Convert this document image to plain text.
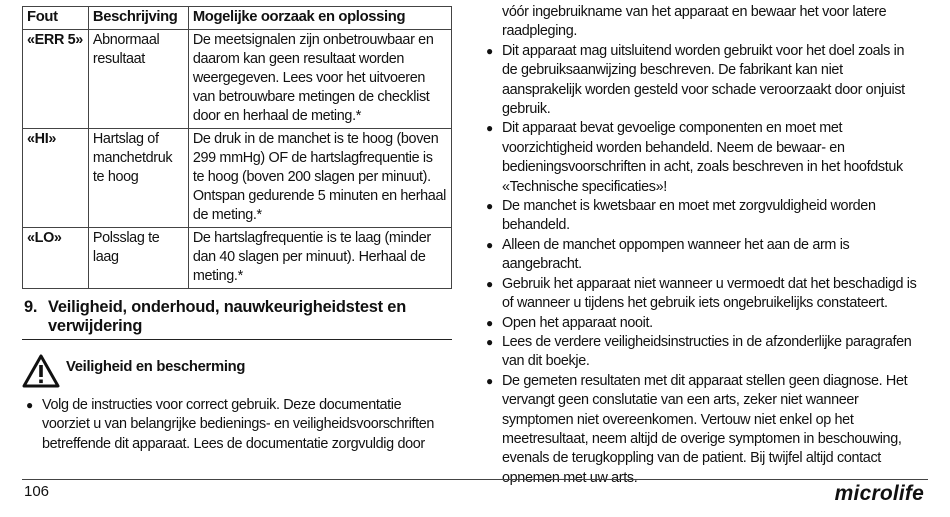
Fout	Beschrijving	Mogelijke oorzaak en oplossing
«ERR 5»	Abnormaal resultaat	De meetsignalen zijn onbetrouwbaar en daarom kan geen resultaat worden weergegeven. Lees voor het uitvoeren van betrouwbare metingen de checklist door en herhaal de meting.*
«HI»	Hartslag of manchetdruk te hoog	De druk in de manchet is te hoog (boven 299 mmHg) OF de hartslagfrequentie is te hoog (boven 200 slagen per minuut). Ontspan gedurende 5 minuten en herhaal de meting.*
«LO»	Polsslag te laag	De hartslagfrequentie is te laag (minder dan 40 slagen per minuut). Herhaal de meting.*
9. Veiligheid, onderhoud, nauwkeurigheidstest en verwijdering
Veiligheid en bescherming
● Volg de instructies voor correct gebruik. Deze documentatie voorziet u van belangrijke bedienings- en veiligheidsvoorschriften betreffende dit apparaat. Lees de documentatie zorgvuldig door
vóór ingebruikname van het apparaat en bewaar het voor latere raadpleging.
● Dit apparaat mag uitsluitend worden gebruikt voor het doel zoals in de gebruiksaanwijzing beschreven. De fabrikant kan niet aansprakelijk worden gesteld voor schade veroorzaakt door onjuist gebruik.
● Dit apparaat bevat gevoelige componenten en moet met voorzichtigheid worden behandeld. Neem de bewaar- en bedieningsvoorschriften in acht, zoals beschreven in het hoofdstuk «Technische specificaties»!
● De manchet is kwetsbaar en moet met zorgvuldigheid worden behandeld.
● Alleen de manchet oppompen wanneer het aan de arm is aangebracht.
● Gebruik het apparaat niet wanneer u vermoedt dat het beschadigd is of wanneer u tijdens het gebruik iets ongebruikelijks constateert.
● Open het apparaat nooit.
● Lees de verdere veiligheidsinstructies in de afzonderlijke paragrafen van dit boekje.
● De gemeten resultaten met dit apparaat stellen geen diagnose. Het vervangt geen conslutatie van een arts, zeker niet wanneer symptomen niet overeenkomen. Vertouw niet enkel op het meetresultaat, neem altijd de overige symptomen in beschouwing, evenals de terugkoppling van de patient. Bij twijfel altijd contact opnemen met uw arts.
106	microlife
